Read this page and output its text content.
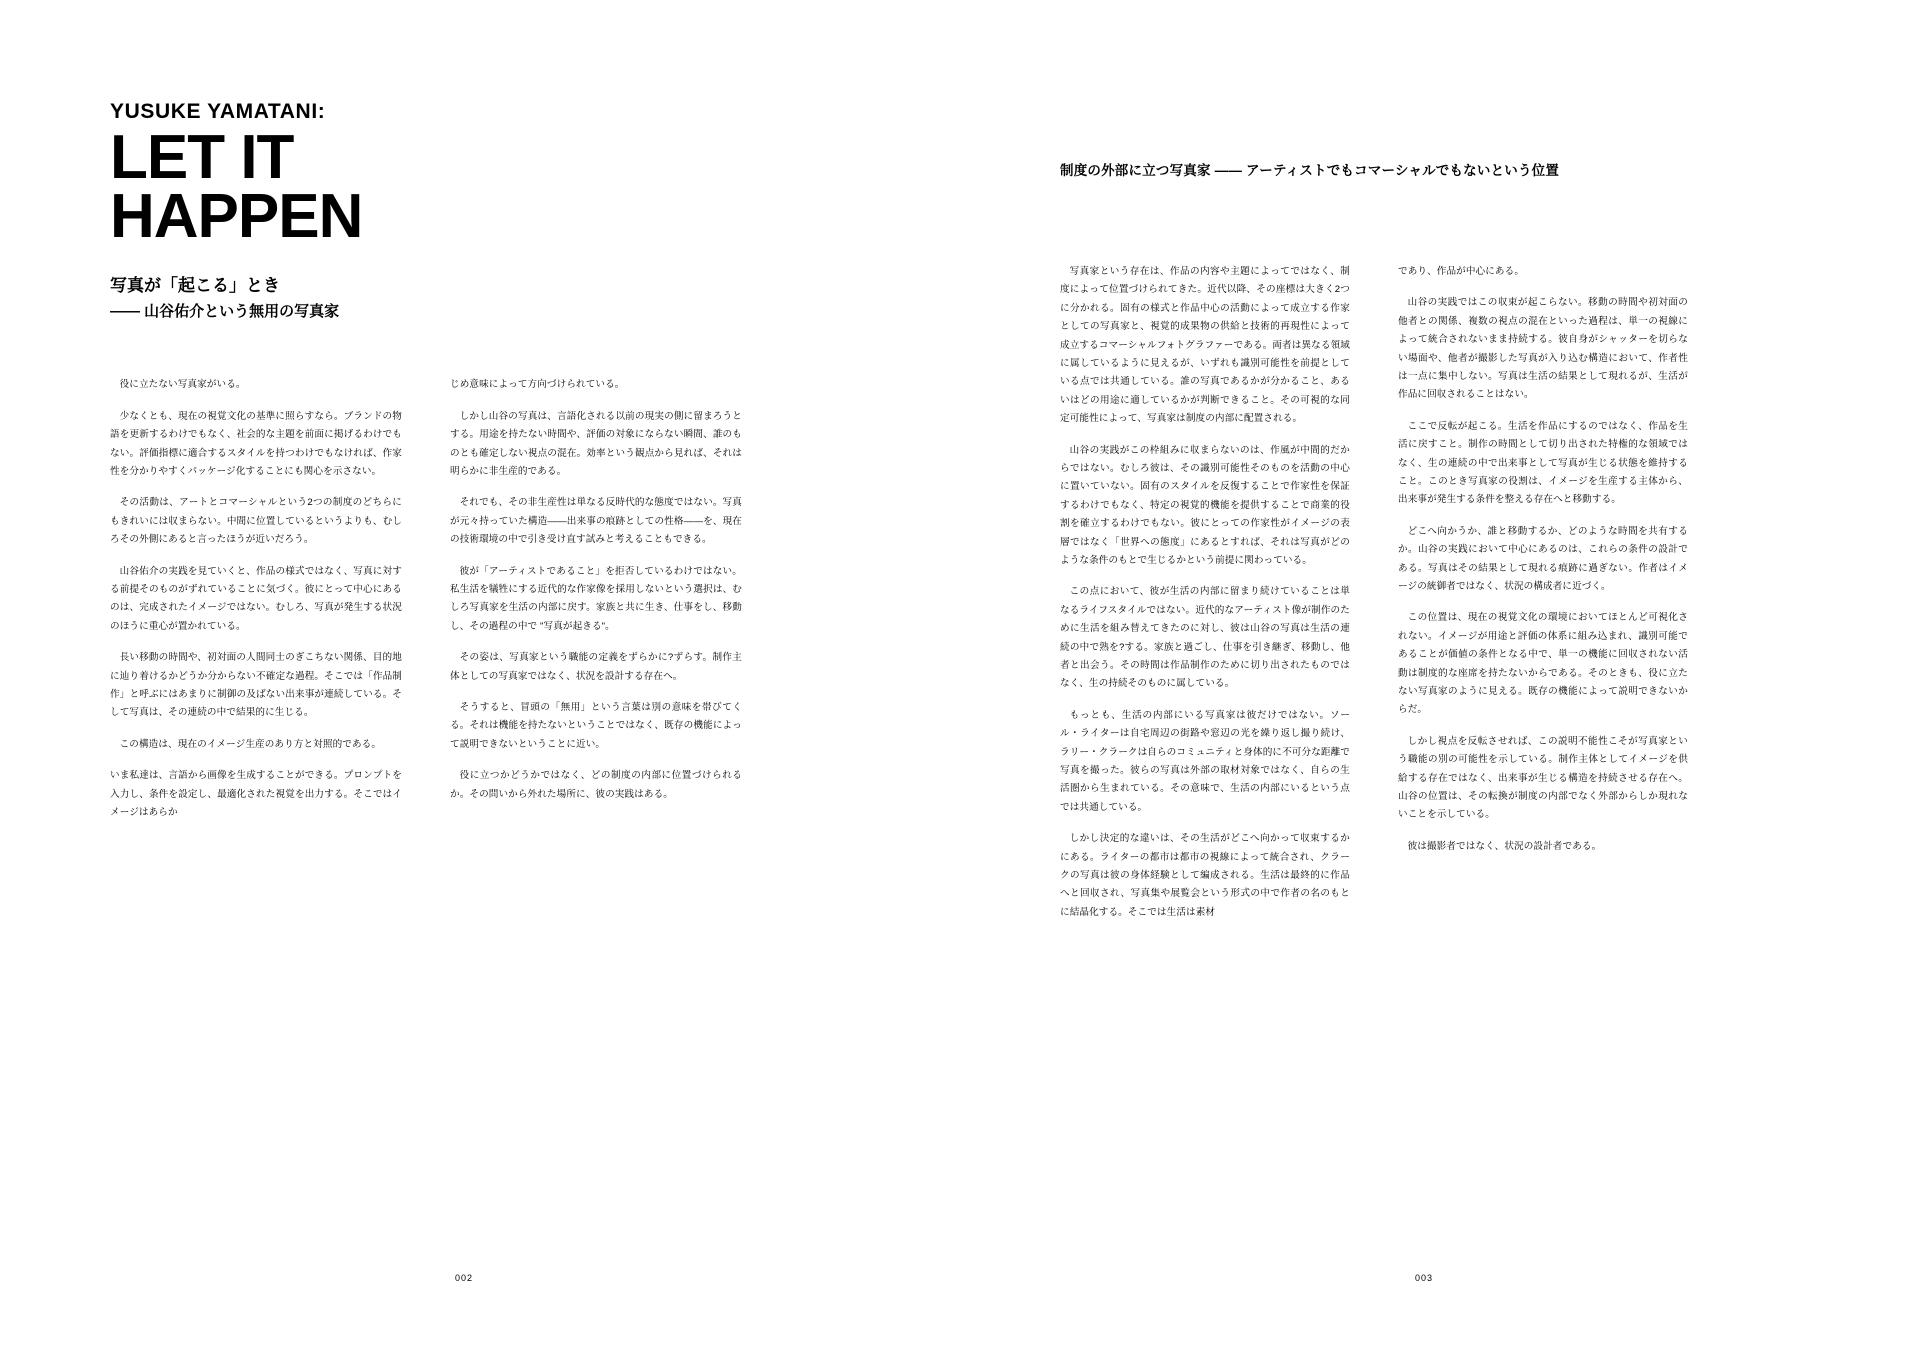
YUSUKE YAMATANI:
LET IT
HAPPEN
写真が「起こる」とき
—— 山谷佑介という無用の写真家

役に立たない写真家がいる。

少なくとも、現在の視覚文化の基準に照らすなら。ブランドの物語を更新するわけでもなく、社会的な主題を前面に掲げるわけでもない。評価指標に適合するスタイルを持つわけでもなければ、作家性を分かりやすくパッケージ化することにも関心を示さない。

その活動は、アートとコマーシャルという2つの制度のどちらにもきれいには収まらない。中間に位置しているというよりも、むしろその外側にあると言ったほうが近いだろう。

山谷佑介の実践を見ていくと、作品の様式ではなく、写真に対する前提そのものがずれていることに気づく。彼にとって中心にあるのは、完成されたイメージではない。むしろ、写真が発生する状況のほうに重心が置かれている。

長い移動の時間や、初対面の人間同士のぎこちない関係、目的地に辿り着けるかどうか分からない不確定な過程。そこでは「作品制作」と呼ぶにはあまりに制御の及ばない出来事が連続している。そして写真は、その連続の中で結果的に生じる。

この構造は、現在のイメージ生産のあり方と対照的である。

いま私達は、言語から画像を生成することができる。プロンプトを入力し、条件を設定し、最適化された視覚を出力する。そこではイメージはあらか

じめ意味によって方向づけられている。

しかし山谷の写真は、言語化される以前の現実の側に留まろうとする。用途を持たない時間や、評価の対象にならない瞬間、誰のものとも確定しない視点の混在。効率という観点から見れば、それは明らかに非生産的である。

それでも、その非生産性は単なる反時代的な態度ではない。写真が元々持っていた構造——出来事の痕跡としての性格——を、現在の技術環境の中で引き受け直す試みと考えることもできる。

彼が「アーティストであること」を拒否しているわけではない。私生活を犠牲にする近代的な作家像を採用しないという選択は、むしろ写真家を生活の内部に戻す。家族と共に生き、仕事をし、移動し、その過程の中で "写真が起きる"。

その姿は、写真家という職能の定義をずらかに?ずらす。制作主体としての写真家ではなく、状況を設計する存在へ。

そうすると、冒頭の「無用」という言葉は別の意味を帯びてくる。それは機能を持たないということではなく、既存の機能によって説明できないということに近い。

役に立つかどうかではなく、どの制度の内部に位置づけられるか。その問いから外れた場所に、彼の実践はある。

002
制度の外部に立つ写真家 —— アーティストでもコマーシャルでもないという位置

写真家という存在は、作品の内容や主題によってではなく、制度によって位置づけられてきた。近代以降、その座標は大きく2つに分かれる。固有の様式と作品中心の活動によって成立する作家としての写真家と、視覚的成果物の供給と技術的再現性によって成立するコマーシャルフォトグラファーである。両者は異なる領域に属しているように見えるが、いずれも識別可能性を前提としている点では共通している。誰の写真であるかが分かること、あるいはどの用途に適しているかが判断できること。その可視的な同定可能性によって、写真家は制度の内部に配置される。

山谷の実践がこの枠組みに収まらないのは、作風が中間的だからではない。むしろ彼は、その識別可能性そのものを活動の中心に置いていない。固有のスタイルを反復することで作家性を保証するわけでもなく、特定の視覚的機能を提供することで商業的役割を確立するわけでもない。彼にとっての作家性がイメージの表層ではなく「世界への態度」にあるとすれば、それは写真がどのような条件のもとで生じるかという前提に関わっている。

この点において、彼が生活の内部に留まり続けていることは単なるライフスタイルではない。近代的なアーティスト像が制作のために生活を組み替えてきたのに対し、彼は山谷の写真は生活の連続の中で熟を?する。家族と過ごし、仕事を引き継ぎ、移動し、他者と出会う。その時間は作品制作のために切り出されたものではなく、生の持続そのものに属している。

もっとも、生活の内部にいる写真家は彼だけではない。ソール・ライターは自宅周辺の街路や窓辺の光を繰り返し撮り続け、ラリー・クラークは自らのコミュニティと身体的に不可分な距離で写真を撮った。彼らの写真は外部の取材対象ではなく、自らの生活圏から生まれている。その意味で、生活の内部にいるという点では共通している。

しかし決定的な違いは、その生活がどこへ向かって収束するかにある。ライターの都市は都市の視線によって統合され、クラークの写真は彼の身体経験として編成される。生活は最終的に作品へと回収され、写真集や展覧会という形式の中で作者の名のもとに結晶化する。そこでは生活は素材

であり、作品が中心にある。

山谷の実践ではこの収束が起こらない。移動の時間や初対面の他者との関係、複数の視点の混在といった過程は、単一の視線によって統合されないまま持続する。彼自身がシャッターを切らない場面や、他者が撮影した写真が入り込む構造において、作者性は一点に集中しない。写真は生活の結果として現れるが、生活が作品に回収されることはない。

ここで反転が起こる。生活を作品にするのではなく、作品を生活に戻すこと。制作の時間として切り出された特権的な領域ではなく、生の連続の中で出来事として写真が生じる状態を維持すること。このとき写真家の役割は、イメージを生産する主体から、出来事が発生する条件を整える存在へと移動する。

どこへ向かうか、誰と移動するか、どのような時間を共有するか。山谷の実践において中心にあるのは、これらの条件の設計である。写真はその結果として現れる痕跡に過ぎない。作者はイメージの統御者ではなく、状況の構成者に近づく。

この位置は、現在の視覚文化の環境においてほとんど可視化されない。イメージが用途と評価の体系に組み込まれ、識別可能であることが価値の条件となる中で、単一の機能に回収されない活動は制度的な座席を持たないからである。そのときも、役に立たない写真家のように見える。既存の機能によって説明できないからだ。

しかし視点を反転させれば、この説明不能性こそが写真家という職能の別の可能性を示している。制作主体としてイメージを供給する存在ではなく、出来事が生じる構造を持続させる存在へ。山谷の位置は、その転換が制度の内部でなく外部からしか現れないことを示している。

彼は撮影者ではなく、状況の設計者である。

003
